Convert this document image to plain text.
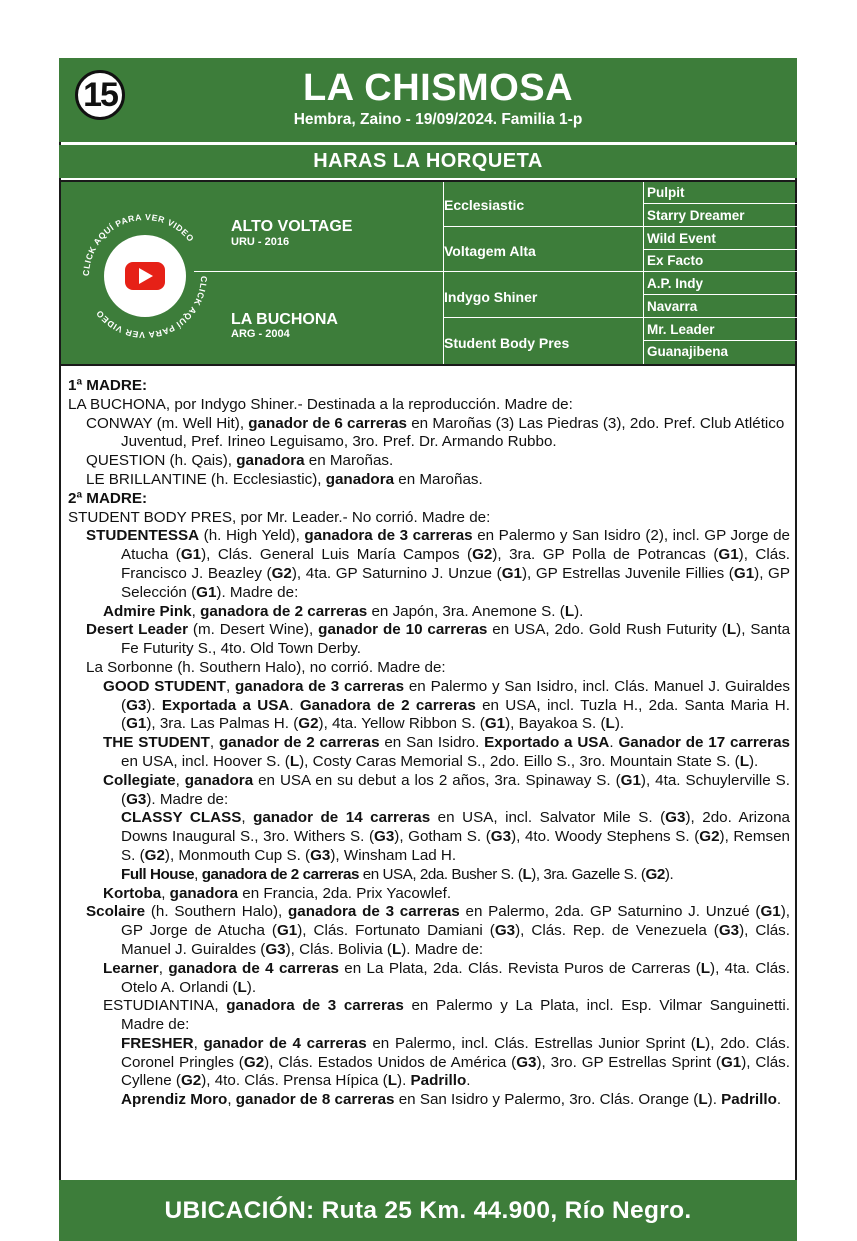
15	LA CHISMOSA
Hembra, Zaino - 19/09/2024. Familia 1-p
HARAS LA HORQUETA
CLICK AQUÍ PARA VER VIDEO
CLICK AQUÍ PARA VER VIDEO
ALTO VOLTAGE
URU - 2016
LA BUCHONA
ARG - 2004
Ecclesiastic
Voltagem Alta
Indygo Shiner
Student Body Pres
Pulpit
Starry Dreamer
Wild Event
Ex Facto
A.P. Indy
Navarra
Mr. Leader
Guanajibena
1ª MADRE:
LA BUCHONA, por Indygo Shiner.- Destinada a la reproducción. Madre de:
CONWAY (m. Well Hit), ganador de 6 carreras en Maroñas (3) Las Piedras (3), 2do. Pref. Club Atlético Juventud, Pref. Irineo Leguisamo, 3ro. Pref. Dr. Armando Rubbo.
QUESTION (h. Qais), ganadora en Maroñas.
LE BRILLANTINE (h. Ecclesiastic), ganadora en Maroñas.
2ª MADRE:
STUDENT BODY PRES, por Mr. Leader.- No corrió. Madre de:
STUDENTESSA (h. High Yeld), ganadora de 3 carreras en Palermo y San Isidro (2), incl. GP Jorge de Atucha (G1), Clás. General Luis María Campos (G2), 3ra. GP Polla de Potrancas (G1), Clás. Francisco J. Beazley (G2), 4ta. GP Saturnino J. Unzue (G1), GP Estrellas Juvenile Fillies (G1), GP Selección (G1). Madre de:
Admire Pink, ganadora de 2 carreras en Japón, 3ra. Anemone S. (L).
Desert Leader (m. Desert Wine), ganador de 10 carreras en USA, 2do. Gold Rush Futurity (L), Santa Fe Futurity S., 4to. Old Town Derby.
La Sorbonne (h. Southern Halo), no corrió. Madre de:
GOOD STUDENT, ganadora de 3 carreras en Palermo y San Isidro, incl. Clás. Manuel J. Guiraldes (G3). Exportada a USA. Ganadora de 2 carreras en USA, incl. Tuzla H., 2da. Santa Maria H. (G1), 3ra. Las Palmas H. (G2), 4ta. Yellow Ribbon S. (G1), Bayakoa S. (L).
THE STUDENT, ganador de 2 carreras en San Isidro. Exportado a USA. Ganador de 17 carreras en USA, incl. Hoover S. (L), Costy Caras Memorial S., 2do. Eillo S., 3ro. Mountain State S. (L).
Collegiate, ganadora en USA en su debut a los 2 años, 3ra. Spinaway S. (G1), 4ta. Schuylerville S. (G3). Madre de:
CLASSY CLASS, ganador de 14 carreras en USA, incl. Salvator Mile S. (G3), 2do. Arizona Downs Inaugural S., 3ro. Withers S. (G3), Gotham S. (G3), 4to. Woody Stephens S. (G2), Remsen S. (G2), Monmouth Cup S. (G3), Winsham Lad H.
Full House, ganadora de 2 carreras en USA, 2da. Busher S. (L), 3ra. Gazelle S. (G2).
Kortoba, ganadora en Francia, 2da. Prix Yacowlef.
Scolaire (h. Southern Halo), ganadora de 3 carreras en Palermo, 2da. GP Saturnino J. Unzué (G1), GP Jorge de Atucha (G1), Clás. Fortunato Damiani (G3), Clás. Rep. de Venezuela (G3), Clás. Manuel J. Guiraldes (G3), Clás. Bolivia (L). Madre de:
Learner, ganadora de 4 carreras en La Plata, 2da. Clás. Revista Puros de Carreras (L), 4ta. Clás. Otelo A. Orlandi (L).
ESTUDIANTINA, ganadora de 3 carreras en Palermo y La Plata, incl. Esp. Vilmar Sanguinetti. Madre de:
FRESHER, ganador de 4 carreras en Palermo, incl. Clás. Estrellas Junior Sprint (L), 2do. Clás. Coronel Pringles (G2), Clás. Estados Unidos de América (G3), 3ro. GP Estrellas Sprint (G1), Clás. Cyllene (G2), 4to. Clás. Prensa Hípica (L). Padrillo.
Aprendiz Moro, ganador de 8 carreras en San Isidro y Palermo, 3ro. Clás. Orange (L). Padrillo.
UBICACIÓN: Ruta 25 Km. 44.900, Río Negro.
